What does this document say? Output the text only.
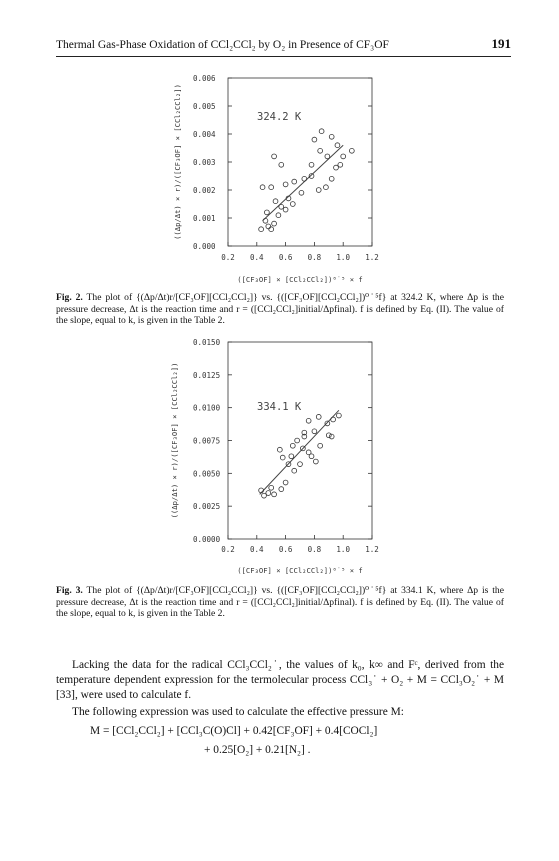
Thermal Gas-Phase Oxidation of CCl₂CCl₂ by O₂ in Presence of CF₃OF	191
0.2 0.4 0.6 0.8 1.0 1.2
0.000
0.001
0.002
0.003
0.004
0.005
0.006
324.2 K
([CF₃OF] × [CCl₂CCl₂])⁰˙⁵ × f
((Δp/Δt) × r)/([CF₃OF] × [CCl₂CCl₂])
Fig. 2. The plot of {(Δp/Δt)r/[CF₃OF][CCl₂CCl₂]} vs. {([CF₃OF][CCl₂CCl₂])⁰˙⁵f} at 324.2 K, where Δp is the pressure decrease, Δt is the reaction time and r = ([CCl₂CCl₂]initial/Δpfinal). f is defined by Eq. (II). The value of the slope, equal to k, is given in the Table 2.
0.2 0.4 0.6 0.8 1.0 1.2
0.0000
0.0025
0.0050
0.0075
0.0100
0.0125
0.0150
334.1 K
([CF₃OF] × [CCl₂CCl₂])⁰˙⁵ × f
((Δp/Δt) × r)/([CF₃OF] × [CCl₂CCl₂])
Fig. 3. The plot of {(Δp/Δt)r/[CF₃OF][CCl₂CCl₂]} vs. {([CF₃OF][CCl₂CCl₂])⁰˙⁵f} at 334.1 K, where Δp is the pressure decrease, Δt is the reaction time and r = ([CCl₂CCl₂]initial/Δpfinal). f is defined by Eq. (II). The value of the slope, equal to k, is given in the Table 2.

Lacking the data for the radical CCl₃CCl₂˙, the values of k₀, k∞ and Fᶜ, derived from the temperature dependent expression for the termolecular process CCl₃˙ + O₂ + M = CCl₃O₂˙ + M [33], were used to calculate f.

The following expression was used to calculate the effective pressure M:

M = [CCl₂CCl₂] + [CCl₃C(O)Cl] + 0.42[CF₃OF] + 0.4[COCl₂]
+ 0.25[O₂] + 0.21[N₂] .
